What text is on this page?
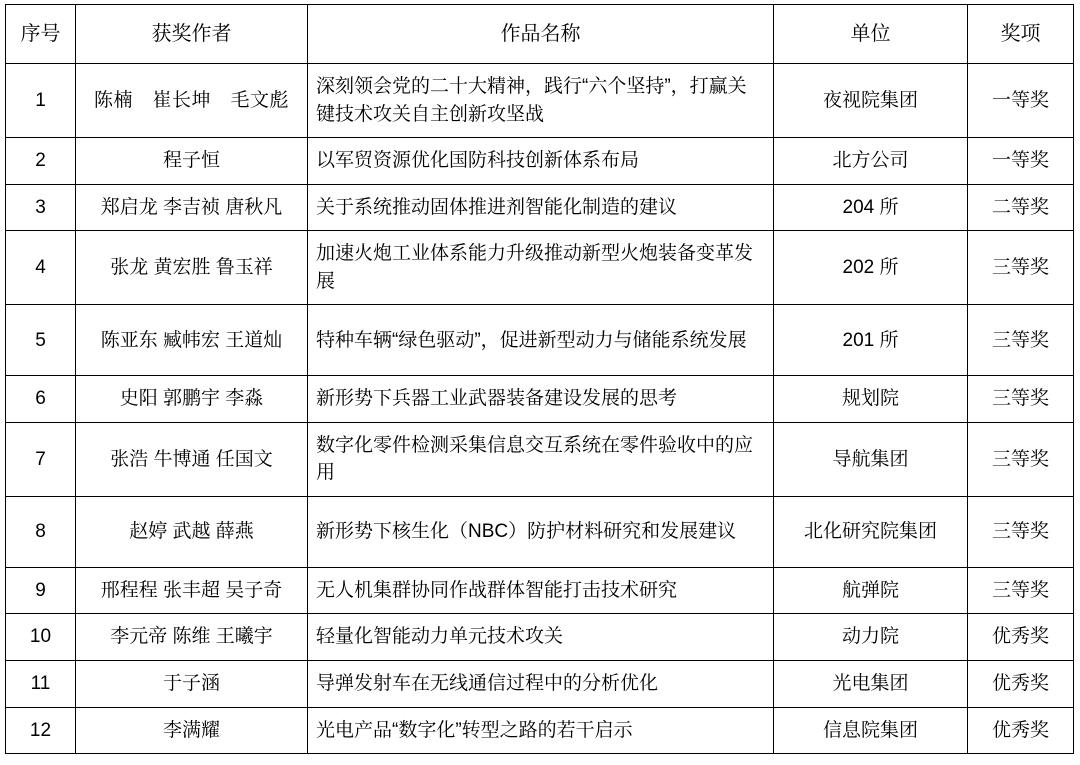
序号	获奖作者	作品名称	单位	奖项
1	陈楠　崔长坤　毛文彪	深刻领会党的二十大精神，践行“六个坚持”，打赢关键技术攻关自主创新攻坚战	夜视院集团	一等奖
2	程子恒	以军贸资源优化国防科技创新体系布局	北方公司	一等奖
3	郑启龙 李吉祯 唐秋凡	关于系统推动固体推进剂智能化制造的建议	204 所	二等奖
4	张龙 黄宏胜 鲁玉祥	加速火炮工业体系能力升级推动新型火炮装备变革发展	202 所	三等奖
5	陈亚东 臧帏宏 王道灿	特种车辆“绿色驱动”，促进新型动力与储能系统发展	201 所	三等奖
6	史阳 郭鹏宇 李淼	新形势下兵器工业武器装备建设发展的思考	规划院	三等奖
7	张浩 牛博通 任国文	数字化零件检测采集信息交互系统在零件验收中的应用	导航集团	三等奖
8	赵婷 武越 薛燕	新形势下核生化（NBC）防护材料研究和发展建议	北化研究院集团	三等奖
9	邢程程 张丰超 吴子奇	无人机集群协同作战群体智能打击技术研究	航弹院	三等奖
10	李元帝 陈维 王曦宇	轻量化智能动力单元技术攻关	动力院	优秀奖
11	于子涵	导弹发射车在无线通信过程中的分析优化	光电集团	优秀奖
12	李满耀	光电产品“数字化”转型之路的若干启示	信息院集团	优秀奖
